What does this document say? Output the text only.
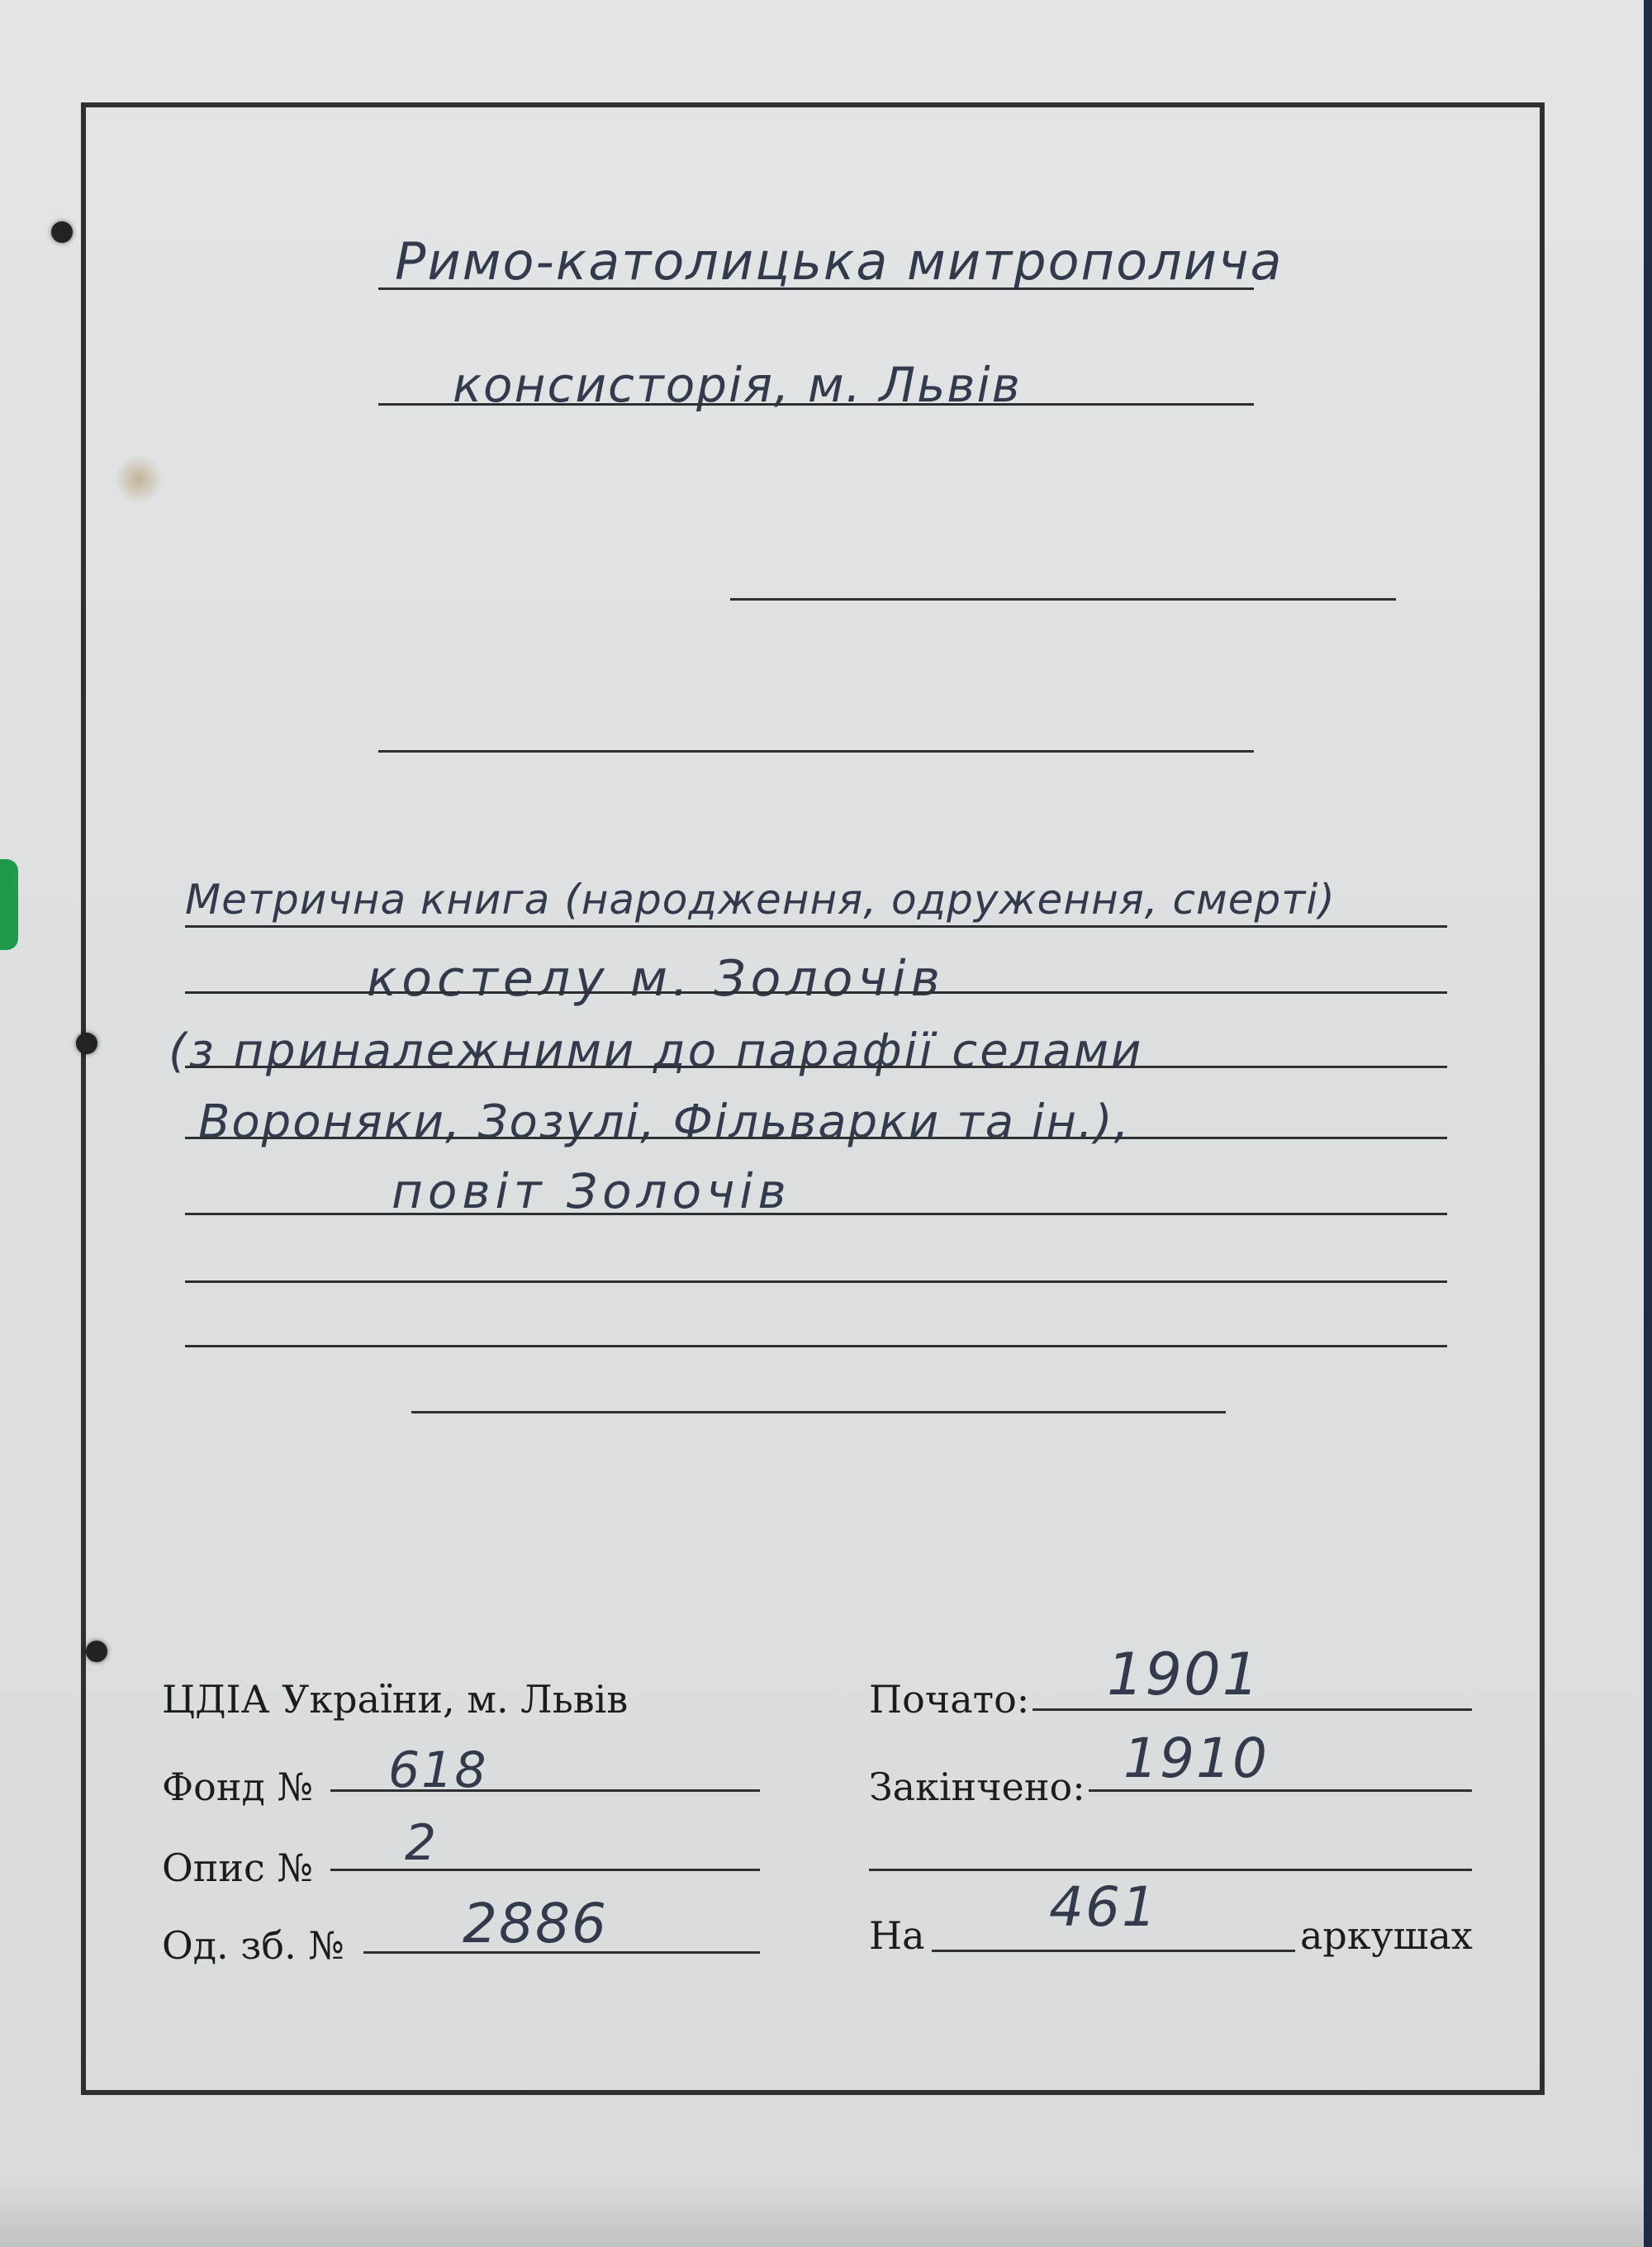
Римо-католицька митрополича
консисторія, м. Львів
Метрична книга (народження, одруження, смерті)
костелу м. Золочів
(з приналежними до парафії селами
Вороняки, Зозулі, Фільварки та ін.),
повіт Золочів
ЦДІА України, м. Львів
Фонд № 618
Опис № 2
Од. зб. № 2886
Почато: 1901
Закінчено: 1910
На 461	аркушах
